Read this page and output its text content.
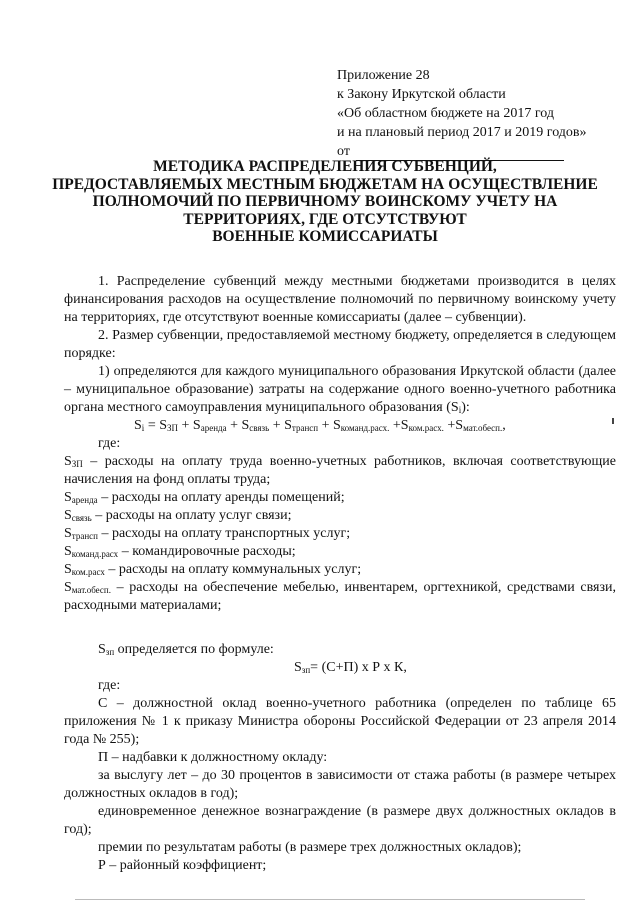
Приложение 28
к Закону Иркутской области
«Об областном бюджете на 2017 год
и на плановый период 2017 и 2019 годов»
от
МЕТОДИКА РАСПРЕДЕЛЕНИЯ СУБВЕНЦИЙ,
ПРЕДОСТАВЛЯЕМЫХ МЕСТНЫМ БЮДЖЕТАМ НА ОСУЩЕСТВЛЕНИЕ
ПОЛНОМОЧИЙ ПО ПЕРВИЧНОМУ ВОИНСКОМУ УЧЕТУ НА
ТЕРРИТОРИЯХ, ГДЕ ОТСУТСТВУЮТ
ВОЕННЫЕ КОМИССАРИАТЫ

1. Распределение субвенций между местными бюджетами производится в целях финансирования расходов на осуществление полномочий по первичному воинскому учету на территориях, где отсутствуют военные комиссариаты (далее – субвенции).

2. Размер субвенции, предоставляемой местному бюджету, определяется в следующем порядке:

1) определяются для каждого муниципального образования Иркутской области (далее – муниципальное образование) затраты на содержание одного военно-учетного работника органа местного самоуправления муниципального образования $(S_i)$:

$S_i = S_{ЗП} + S_{аренда} + S_{связь} + S_{трансп} + S_{команд.расх.} +S_{ком.расх.} +S_{мат.обесп.}$,

где:

$S_{ЗП}$ – расходы на оплату труда военно-учетных работников, включая соответствующие начисления на фонд оплаты труда;

$S_{аренда}$ – расходы на оплату аренды помещений;

$S_{связь}$ – расходы на оплату услуг связи;

$S_{трансп}$ – расходы на оплату транспортных услуг;

$S_{команд.расх}$ – командировочные расходы;

$S_{ком.расх}$ – расходы на оплату коммунальных услуг;

$S_{мат.обесп.}$ – расходы на обеспечение мебелью, инвентарем, оргтехникой, средствами связи, расходными материалами;

$S_{зп}$ определяется по формуле:

$S_{зп}= (С+П)$ х Р х К,

где:

С – должностной оклад военно-учетного работника (определен по таблице 65 приложения № 1 к приказу Министра обороны Российской Федерации от 23 апреля 2014 года № 255);

П – надбавки к должностному окладу:

за выслугу лет – до 30 процентов в зависимости от стажа работы (в размере четырех должностных окладов в год);

единовременное денежное вознаграждение (в размере двух должностных окладов в год);

премии по результатам работы (в размере трех должностных окладов);

Р – районный коэффициент;
